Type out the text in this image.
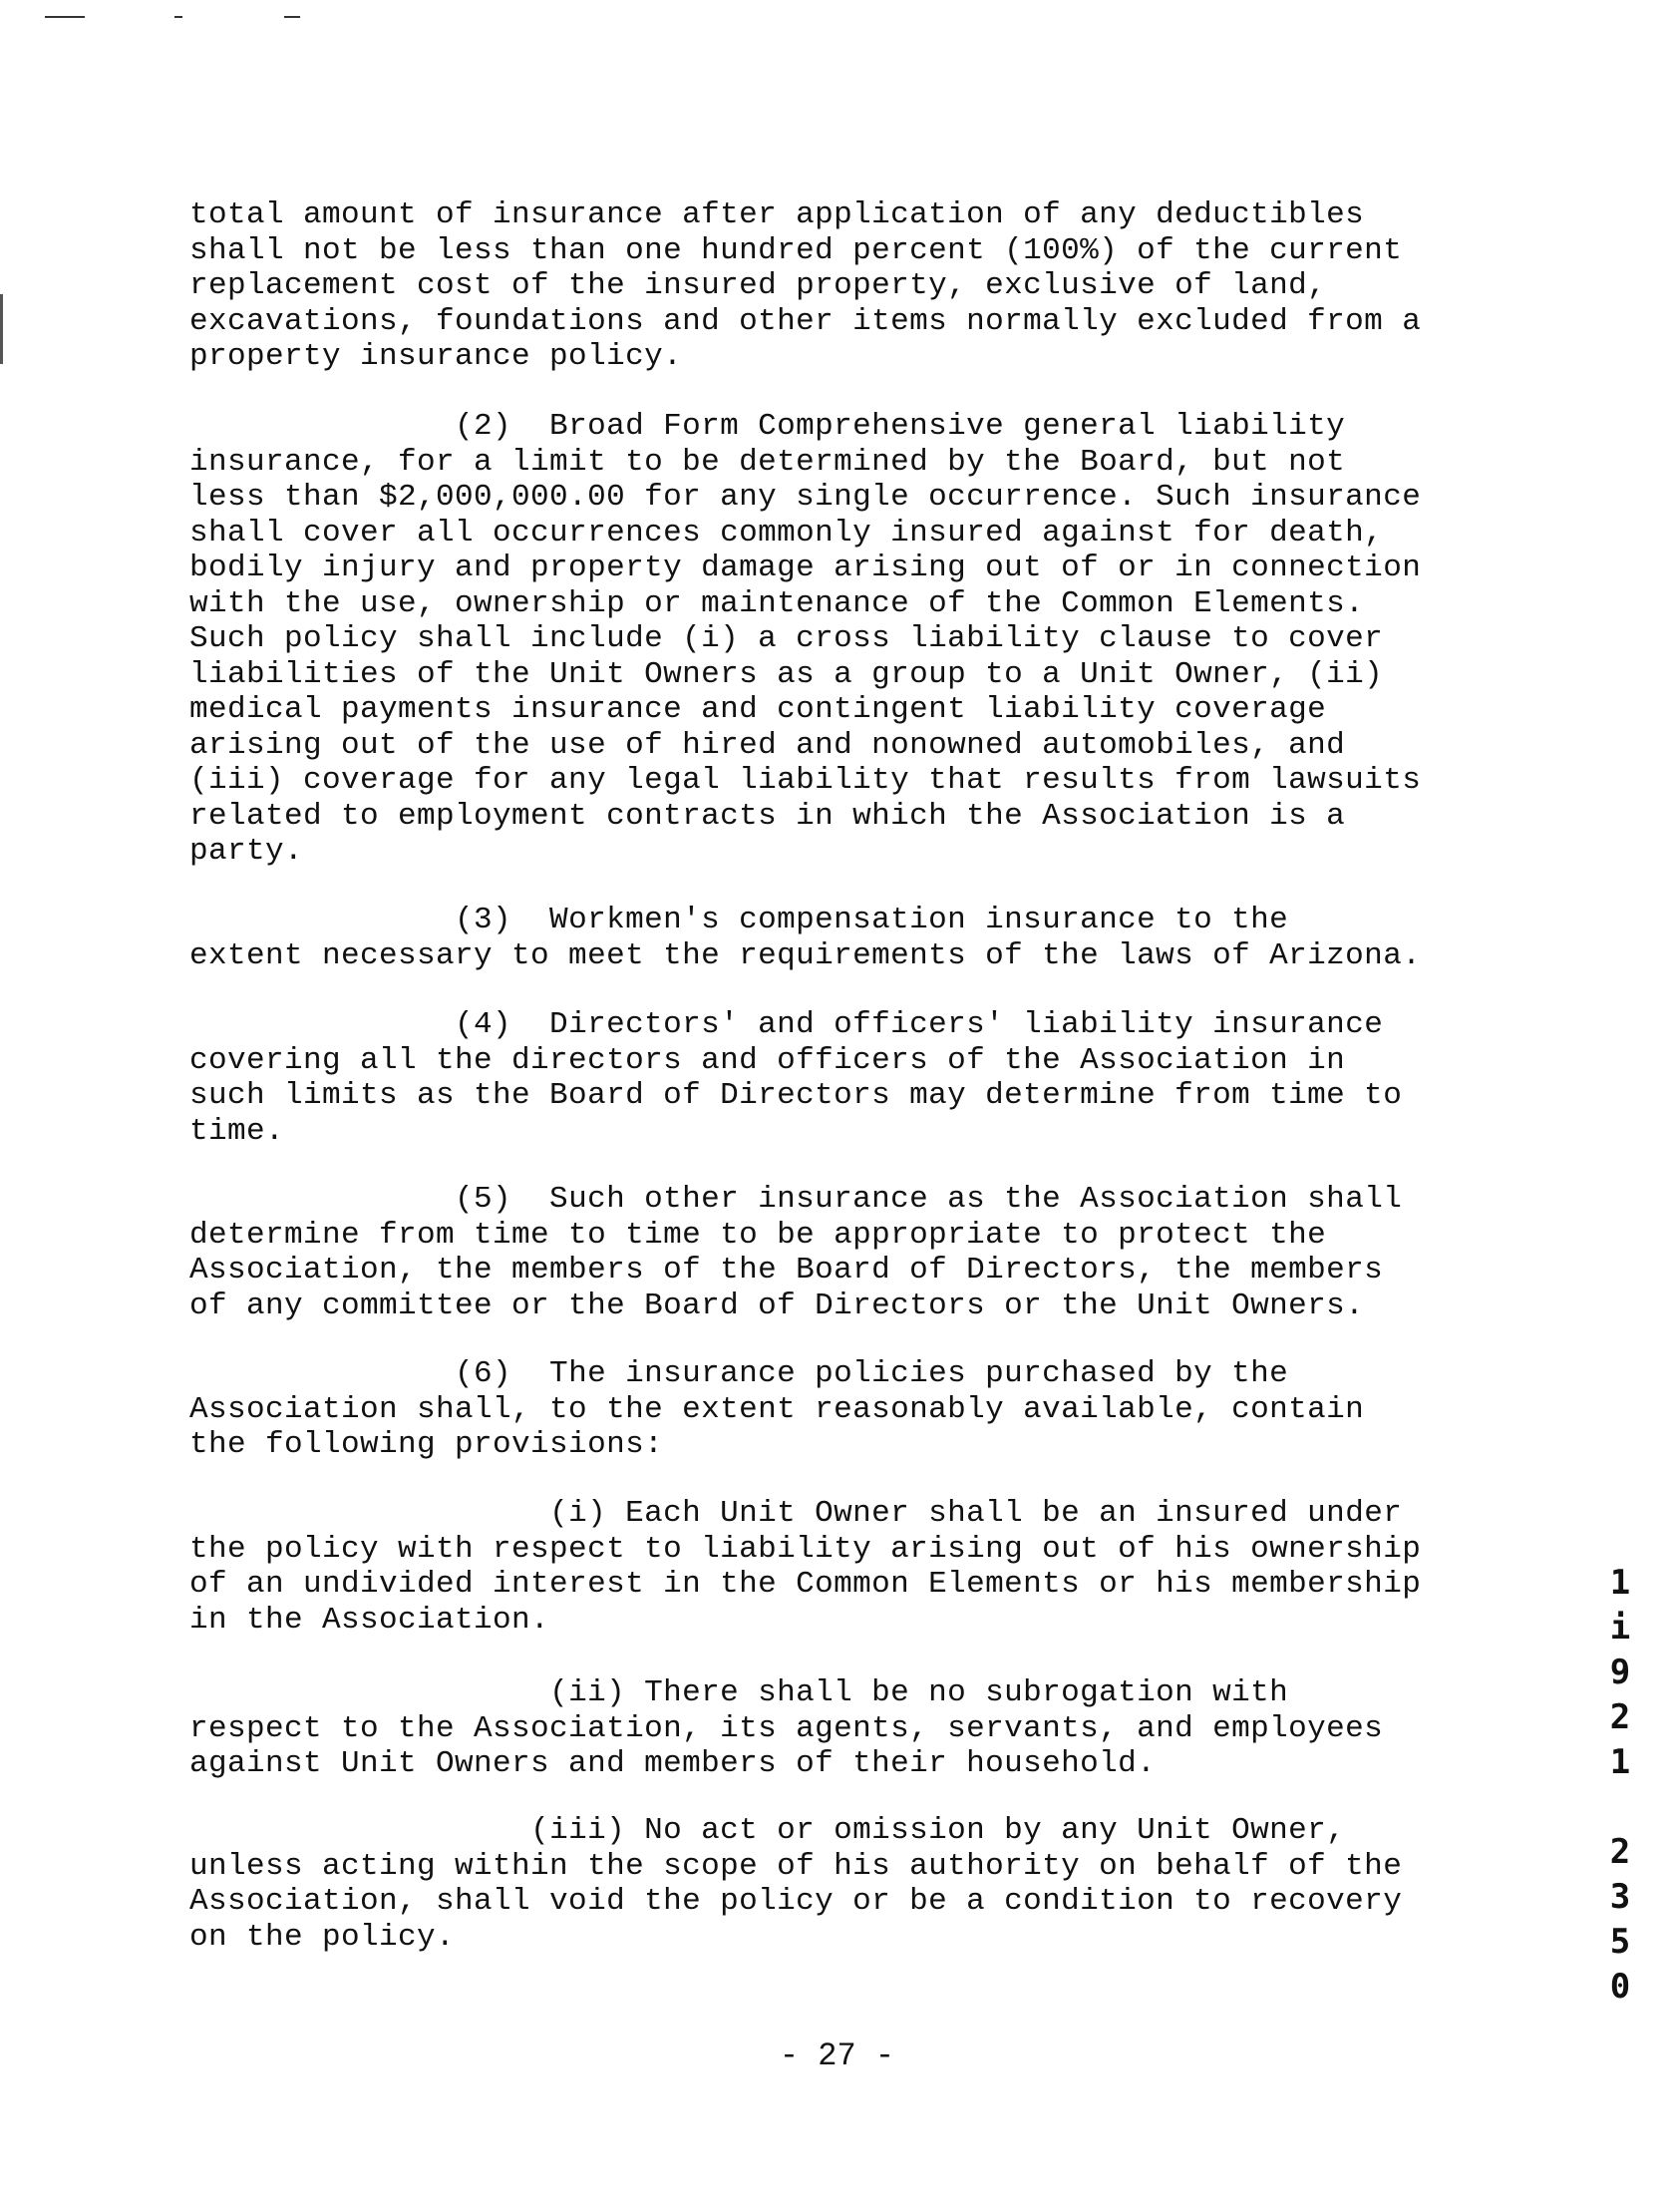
total amount of insurance after application of any deductibles
shall not be less than one hundred percent (100%) of the current
replacement cost of the insured property, exclusive of land,
excavations, foundations and other items normally excluded from a
property insurance policy.

(2)  Broad Form Comprehensive general liability
insurance, for a limit to be determined by the Board, but not
less than $2,000,000.00 for any single occurrence. Such insurance
shall cover all occurrences commonly insured against for death,
bodily injury and property damage arising out of or in connection
with the use, ownership or maintenance of the Common Elements.
Such policy shall include (i) a cross liability clause to cover
liabilities of the Unit Owners as a group to a Unit Owner, (ii)
medical payments insurance and contingent liability coverage
arising out of the use of hired and nonowned automobiles, and
(iii) coverage for any legal liability that results from lawsuits
related to employment contracts in which the Association is a
party.

(3)  Workmen's compensation insurance to the
extent necessary to meet the requirements of the laws of Arizona.

(4)  Directors' and officers' liability insurance
covering all the directors and officers of the Association in
such limits as the Board of Directors may determine from time to
time.

(5)  Such other insurance as the Association shall
determine from time to time to be appropriate to protect the
Association, the members of the Board of Directors, the members
of any committee or the Board of Directors or the Unit Owners.

(6)  The insurance policies purchased by the
Association shall, to the extent reasonably available, contain
the following provisions:

(i) Each Unit Owner shall be an insured under
the policy with respect to liability arising out of his ownership
of an undivided interest in the Common Elements or his membership
in the Association.

(ii) There shall be no subrogation with
respect to the Association, its agents, servants, and employees
against Unit Owners and members of their household.

(iii) No act or omission by any Unit Owner,
unless acting within the scope of his authority on behalf of the
Association, shall void the policy or be a condition to recovery
on the policy.

- 27 -
1
i
9
2
1

2
3
5
0
